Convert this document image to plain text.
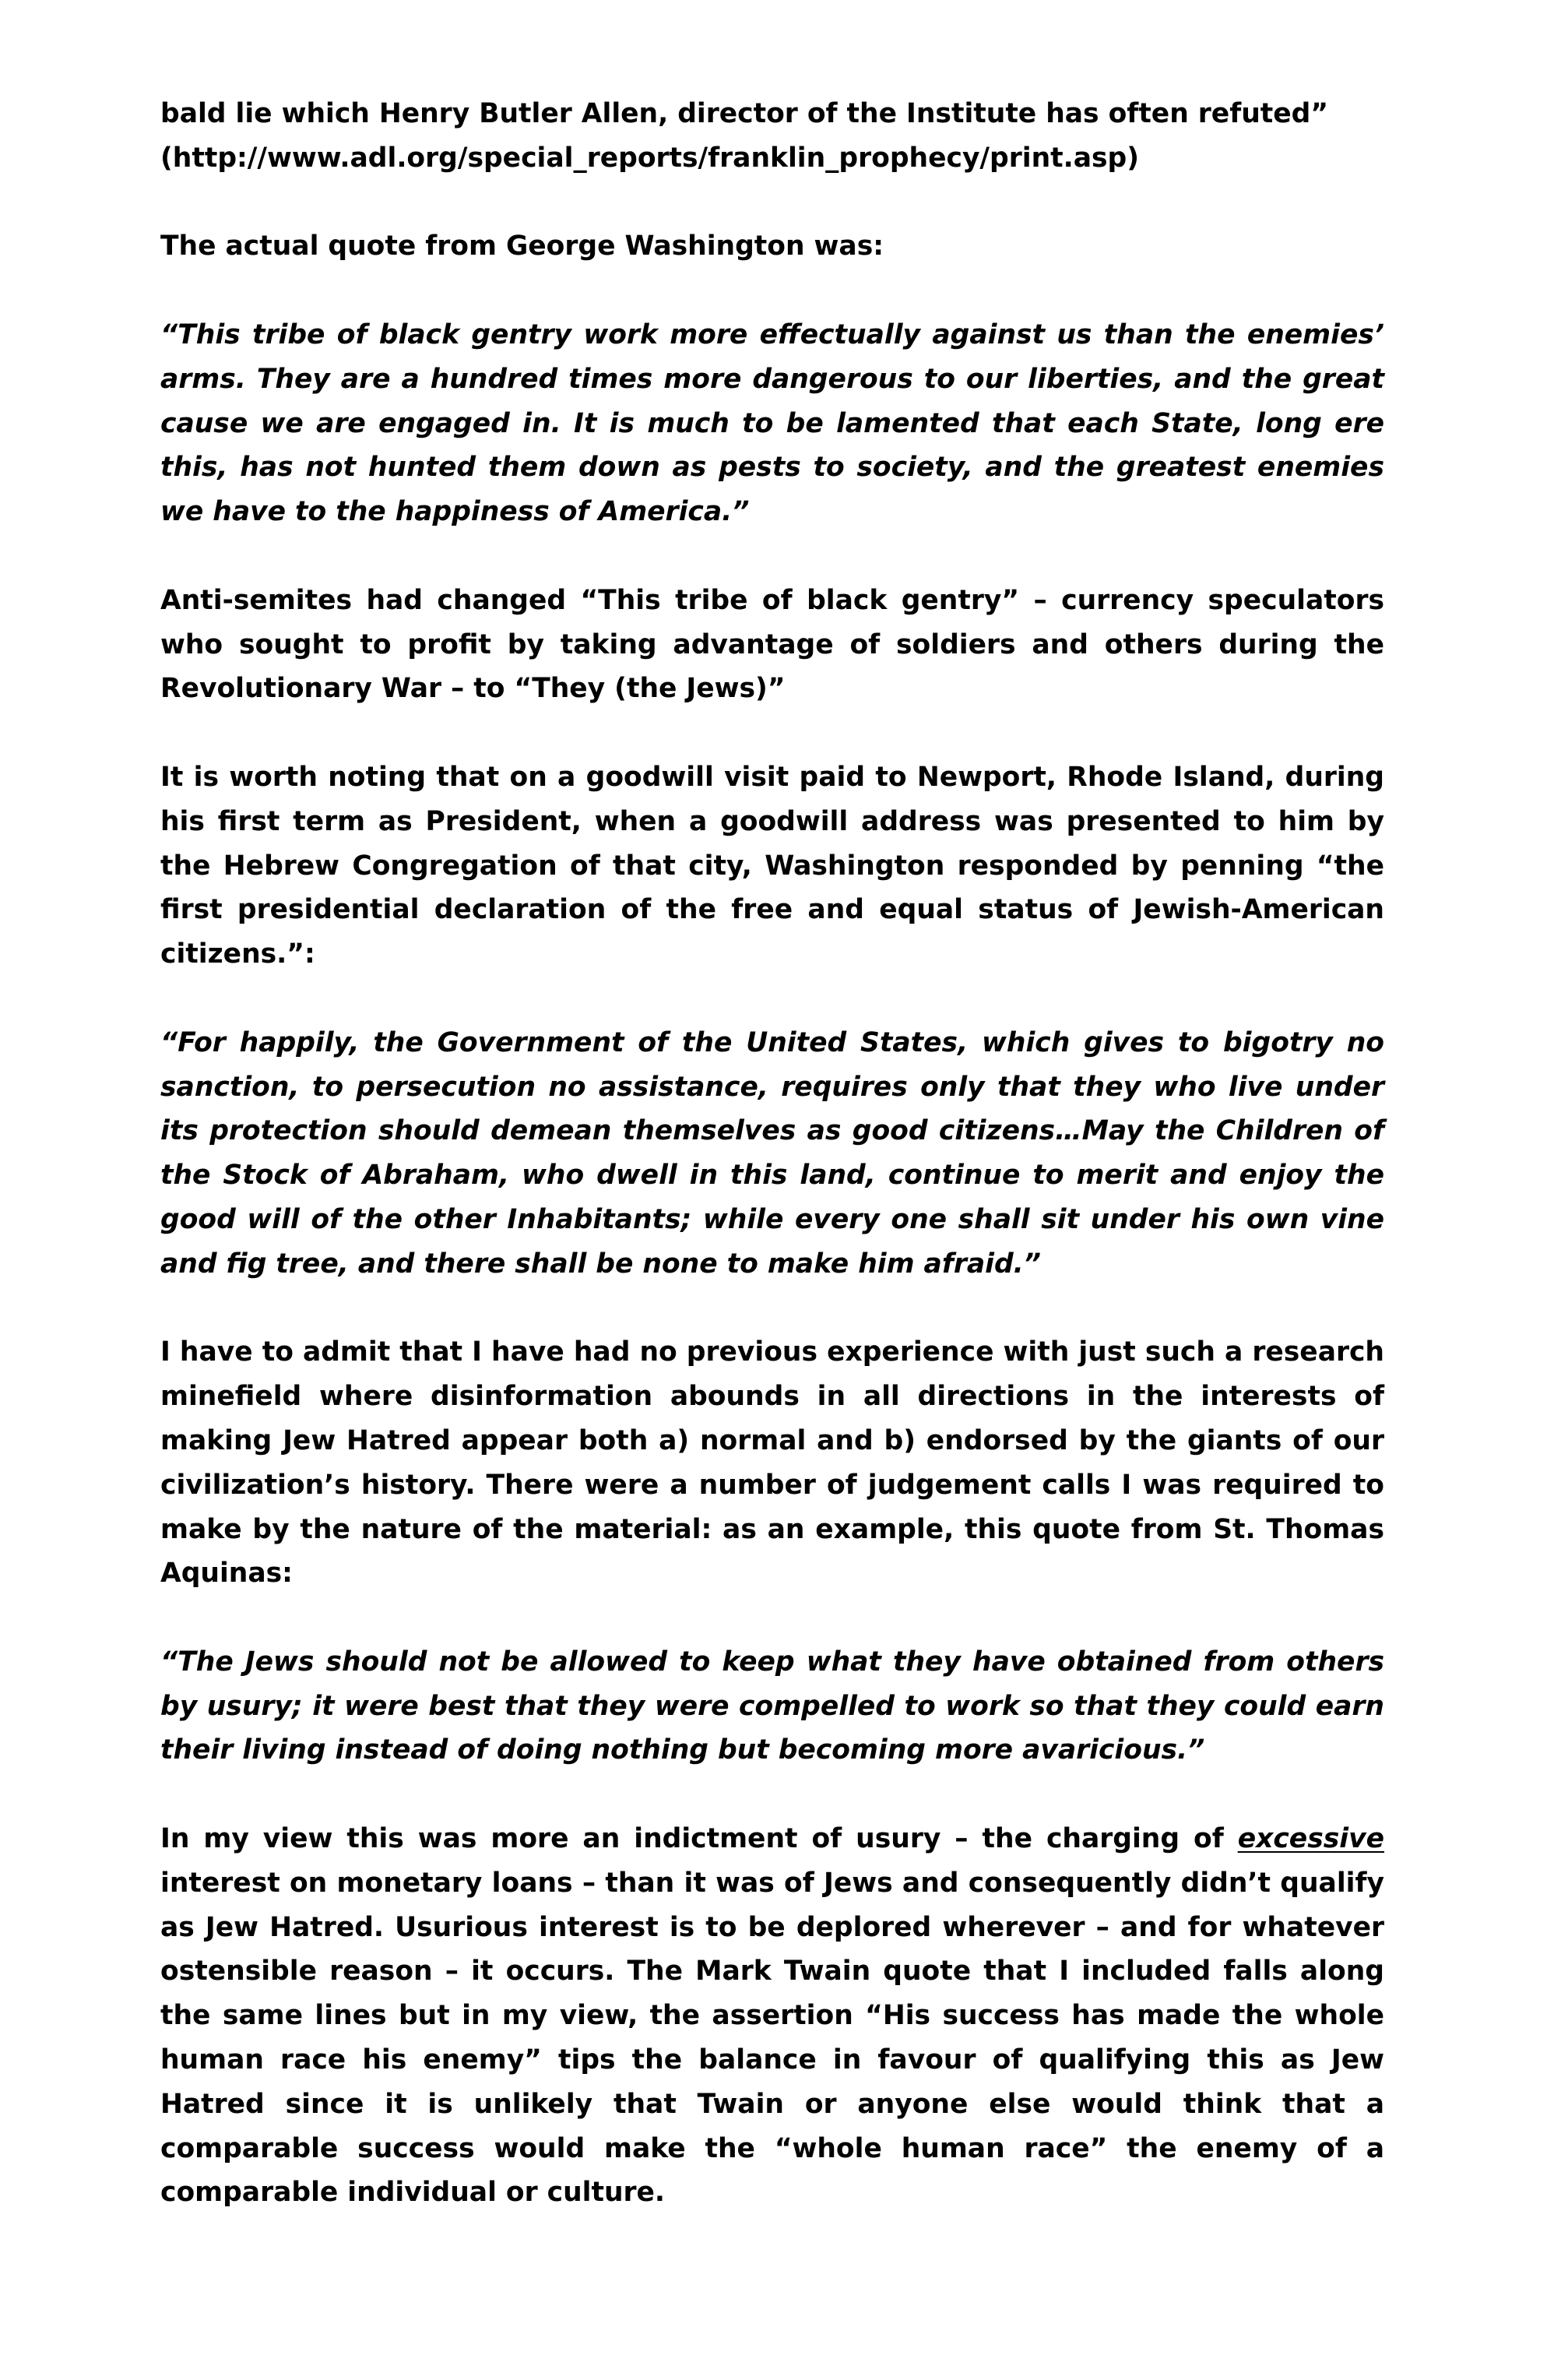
bald lie which Henry Butler Allen, director of the Institute has often refuted”
(http://www.adl.org/special_reports/franklin_prophecy/print.asp)

The actual quote from George Washington was:

“This tribe of black gentry work more effectually against us than the enemies’ arms. They are a hundred times more dangerous to our liberties, and the great cause we are engaged in. It is much to be lamented that each State, long ere this, has not hunted them down as pests to society, and the greatest enemies we have to the happiness of America.”

Anti-semites had changed “This tribe of black gentry” – currency speculators who sought to profit by taking advantage of soldiers and others during the Revolutionary War – to “They (the Jews)”

It is worth noting that on a goodwill visit paid to Newport, Rhode Island, during his first term as President, when a goodwill address was presented to him by the Hebrew Congregation of that city, Washington responded by penning “the first presidential declaration of the free and equal status of Jewish-American citizens.”:

“For happily, the Government of the United States, which gives to bigotry no sanction, to persecution no assistance, requires only that they who live under its protection should demean themselves as good citizens…May the Children of the Stock of Abraham, who dwell in this land, continue to merit and enjoy the good will of the other Inhabitants; while every one shall sit under his own vine and fig tree, and there shall be none to make him afraid.”

I have to admit that I have had no previous experience with just such a research minefield where disinformation abounds in all directions in the interests of making Jew Hatred appear both a) normal and b) endorsed by the giants of our civilization’s history. There were a number of judgement calls I was required to make by the nature of the material: as an example, this quote from St. Thomas Aquinas:

“The Jews should not be allowed to keep what they have obtained from others by usury; it were best that they were compelled to work so that they could earn their living instead of doing nothing but becoming more avaricious.”

In my view this was more an indictment of usury – the charging of excessive interest on monetary loans – than it was of Jews and consequently didn’t qualify as Jew Hatred. Usurious interest is to be deplored wherever – and for whatever ostensible reason – it occurs. The Mark Twain quote that I included falls along the same lines but in my view, the assertion “His success has made the whole human race his enemy” tips the balance in favour of qualifying this as Jew Hatred since it is unlikely that Twain or anyone else would think that a comparable success would make the “whole human race” the enemy of a comparable individual or culture.
